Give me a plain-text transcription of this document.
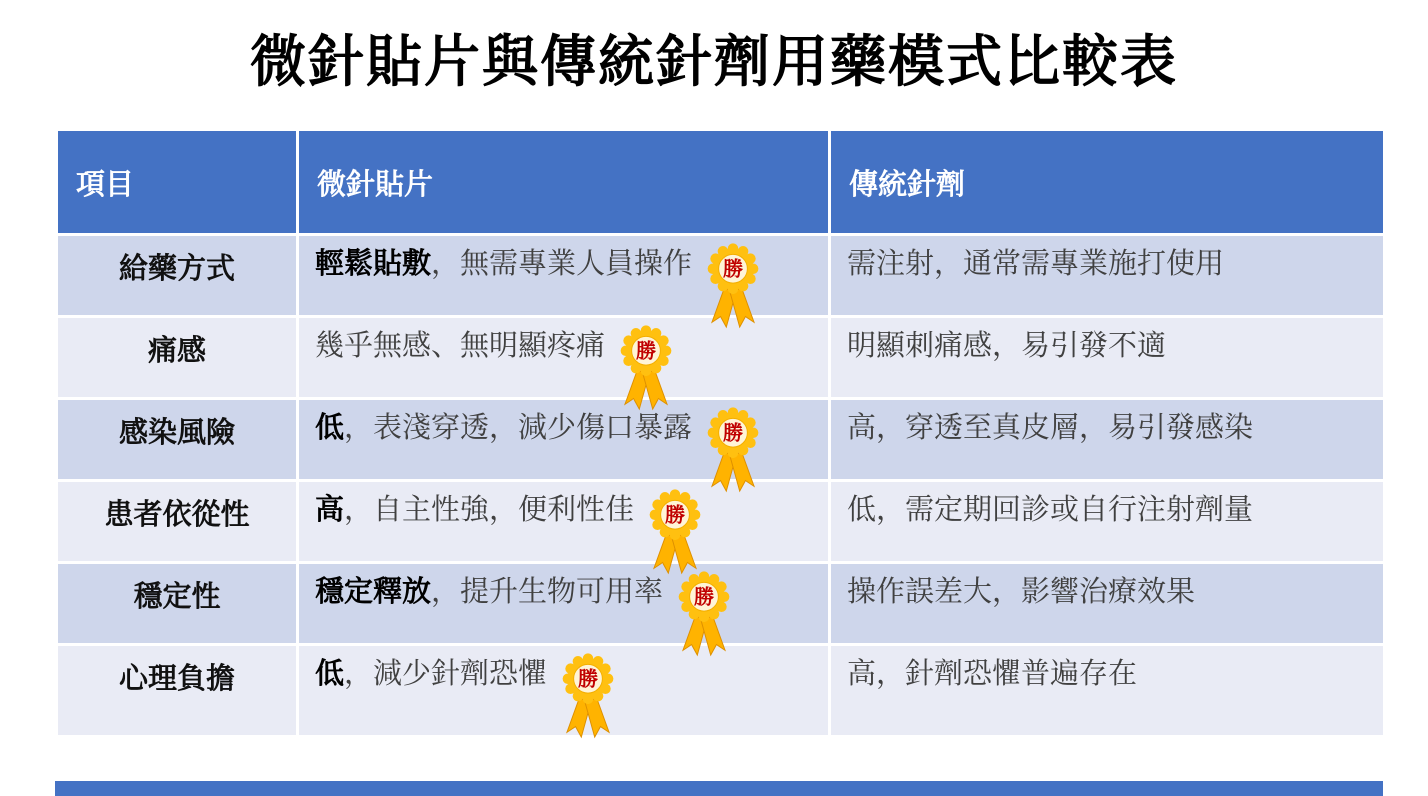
微針貼片與傳統針劑用藥模式比較表
項目	微針貼片	傳統針劑
給藥方式	輕鬆貼敷，無需專業人員操作 勝	需注射，通常需專業施打使用
痛感	幾乎無感、無明顯疼痛 勝	明顯刺痛感，易引發不適
感染風險	低，表淺穿透，減少傷口暴露 勝	高，穿透至真皮層，易引發感染
患者依從性	高，自主性強，便利性佳 勝	低，需定期回診或自行注射劑量
穩定性	穩定釋放，提升生物可用率 勝	操作誤差大，影響治療效果
心理負擔	低，減少針劑恐懼 勝	高，針劑恐懼普遍存在
